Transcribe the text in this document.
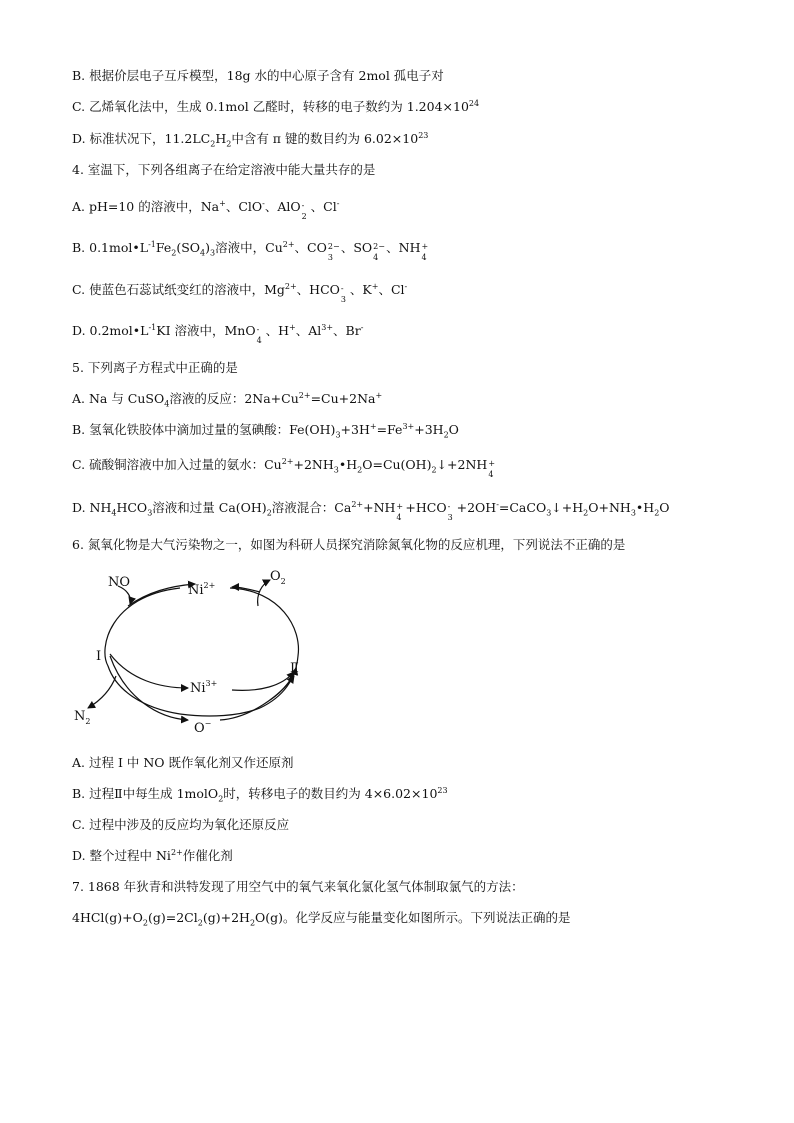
B. 根据价层电子互斥模型，18g 水的中心原子含有 2mol 孤电子对
C. 乙烯氧化法中，生成 0.1mol 乙醛时，转移的电子数约为 $1.204\times 10^{24}$
D. 标准状况下，$11.2LC_2H_2$中含有 π 键的数目约为 $6.02\times 10^{23}$
4. 室温下，下列各组离子在给定溶液中能大量共存的是
A. pH=10 的溶液中，Na+、ClO-、AlO -
2
、Cl-
B. $0.1mol•L^{-1}Fe_2(SO_4)_3$溶液中，$Cu^{2+}$、CO 2−
3
、SO 2−
4
、NH +
4
C. 使蓝色石蕊试纸变红的溶液中，$Mg^{2+}$、HCO -
3
、K+、Cl-
D. $0.2mol•L^{-1}KI$ 溶液中，MnO -
4
、H+、$Al^{3+}$、Br-
5. 下列离子方程式中正确的是
A. Na 与 CuSO$_4$溶液的反应：$2Na+Cu^{2+}=Cu+2Na^+$
B. 氢氧化铁胶体中滴加过量的氢碘酸：$Fe(OH)_3+3H^+=Fe^{3+}+3H_2O$
C. 硫酸铜溶液中加入过量的氨水：$Cu^{2+}+2NH_3•H_2O=Cu(OH)_2↓+2NH$ +
4
D. $NH_4HCO_3$溶液和过量 $Ca(OH)_2$溶液混合：$Ca^{2+}+NH$ +
4
+HCO -
3
$+2OH^-=CaCO_3↓+H_2O+NH_3•H_2O$
6. 氮氧化物是大气污染物之一，如图为科研人员探究消除氮氧化物的反应机理，下列说法不正确的是
NO
$Ni^{2+}$
$O_2$
I
Ⅱ
$Ni^{3+}$
$N_2$	O−
A. 过程 I 中 NO 既作氧化剂又作还原剂
B. 过程Ⅱ中每生成 1molO$_2$时，转移电子的数目约为 $4\times 6.02\times 10^{23}$
C. 过程中涉及的反应均为氧化还原反应
D. 整个过程中 $Ni^{2+}$作催化剂
7. 1868 年狄青和洪特发现了用空气中的氧气来氧化氯化氢气体制取氯气的方法：
$4HCl(g)+O_2(g)=2Cl_2(g)+2H_2O(g)$。化学反应与能量变化如图所示。下列说法正确的是
